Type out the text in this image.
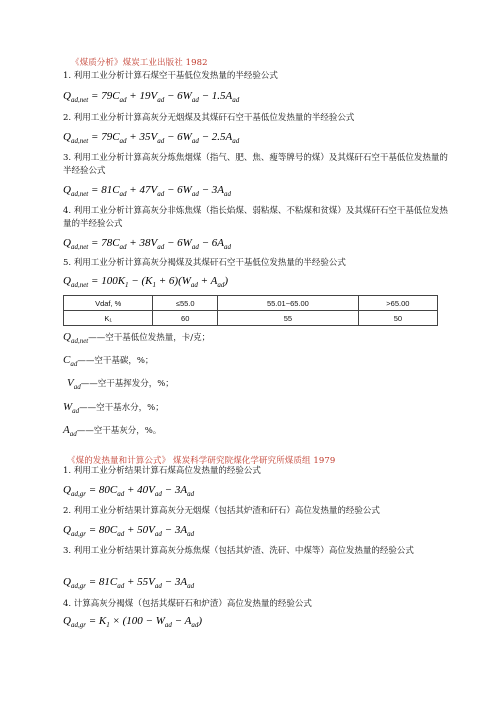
《煤质分析》煤炭工业出版社 1982
1. 利用工业分析计算石煤空干基低位发热量的半经验公式
$Q_{ad,net} = 79C_{ad} + 19V_{ad} - 6W_{ad} - 1.5A_{ad}$
2. 利用工业分析计算高灰分无烟煤及其煤矸石空干基低位发热量的半经验公式
$Q_{ad,net} = 79C_{ad} + 35V_{ad} - 6W_{ad} - 2.5A_{ad}$
3. 利用工业分析计算高灰分炼焦烟煤（指气、肥、焦、瘦等牌号的煤）及其煤矸石空干基低位发热量的半经验公式
$Q_{ad,net} = 81C_{ad} + 47V_{ad} - 6W_{ad} - 3A_{ad}$
4. 利用工业分析计算高灰分非炼焦煤（指长焰煤、弱粘煤、不粘煤和贫煤）及其煤矸石空干基低位发热量的半经验公式
$Q_{ad,net} = 78C_{ad} + 38V_{ad} - 6W_{ad} - 6A_{ad}$
5. 利用工业分析计算高灰分褐煤及其煤矸石空干基低位发热量的半经验公式
$Q_{ad,net} = 100K_1 - (K_1 + 6)(W_{ad} + A_{ad})$
Vdaf, %	≤55.0	55.01~65.00	>65.00
K₁	60	55	50
$Q_{ad,net}——$空干基低位发热量，卡/克；
$C_{ad}——$空干基碳，%；
$V_{ad}——$空干基挥发分，%；
$W_{ad}——$空干基水分，%；
$A_{ad}——$空干基灰分，%。
《煤的发热量和计算公式》 煤炭科学研究院煤化学研究所煤质组 1979
1. 利用工业分析结果计算石煤高位发热量的经验公式
$Q_{ad,gr} = 80C_{ad} + 40V_{ad} - 3A_{ad}$
2. 利用工业分析结果计算高灰分无烟煤（包括其炉渣和矸石）高位发热量的经验公式
$Q_{ad,gr} = 80C_{ad} + 50V_{ad} - 3A_{ad}$
3. 利用工业分析结果计算高灰分炼焦煤（包括其炉渣、洗矸、中煤等）高位发热量的经验公式
$Q_{ad,gr} = 81C_{ad} + 55V_{ad} - 3A_{ad}$
4. 计算高灰分褐煤（包括其煤矸石和炉渣）高位发热量的经验公式
$Q_{ad,gr} = K_1 \times (100 - W_{ad} - A_{ad})$
